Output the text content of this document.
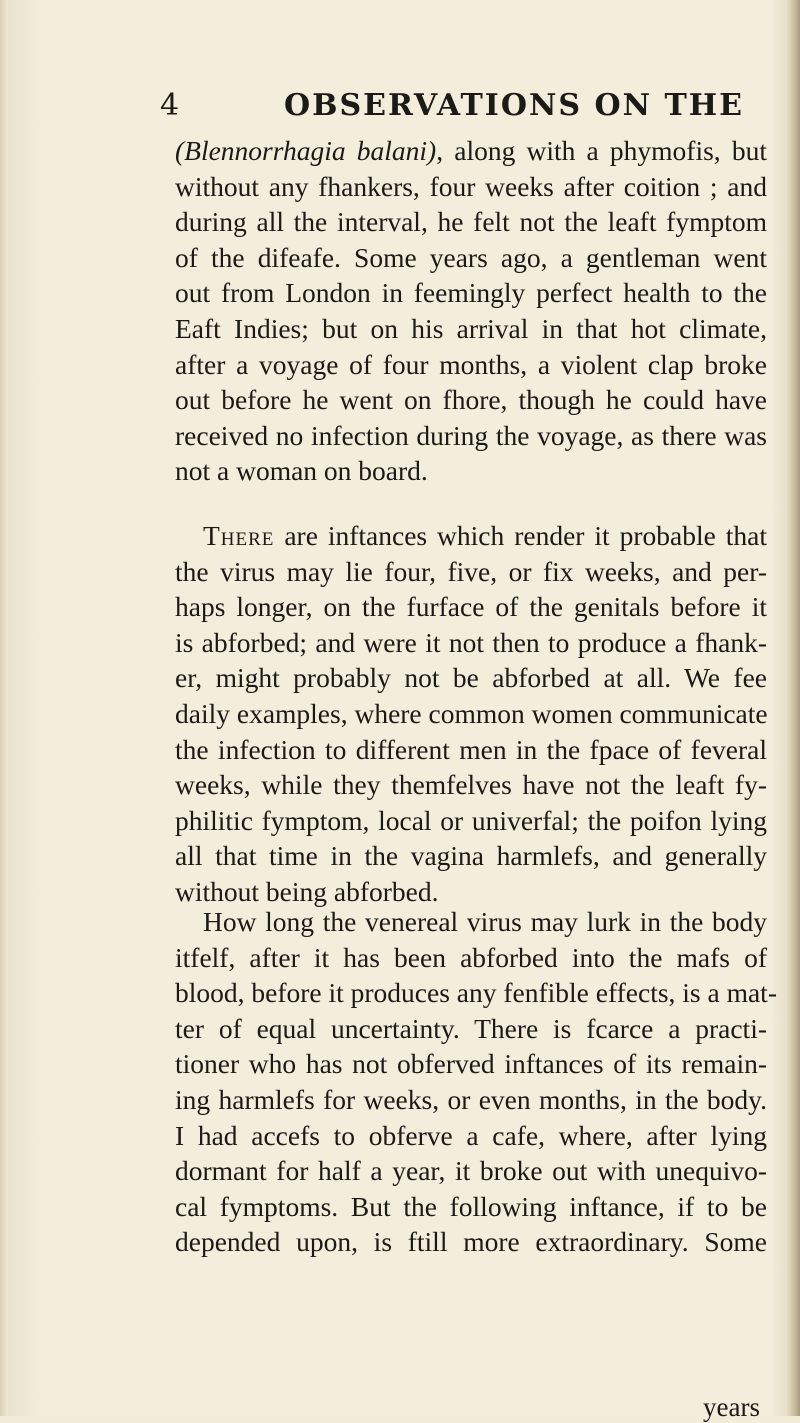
4	OBSERVATIONS ON THE
(Blennorrhagia balani), along with a phymofis, but
without any fhankers, four weeks after coition ; and
during all the interval, he felt not the leaft fymptom
of the difeafe. Some years ago, a gentleman went
out from London in feemingly perfect health to the
Eaft Indies; but on his arrival in that hot climate,
after a voyage of four months, a violent clap broke
out before he went on fhore, though he could have
received no infection during the voyage, as there was
not a woman on board.
There are inftances which render it probable that
the virus may lie four, five, or fix weeks, and per-
haps longer, on the furface of the genitals before it
is abforbed; and were it not then to produce a fhank-
er, might probably not be abforbed at all. We fee
daily examples, where common women communicate
the infection to different men in the fpace of feveral
weeks, while they themfelves have not the leaft fy-
philitic fymptom, local or univerfal; the poifon lying
all that time in the vagina harmlefs, and generally
without being abforbed.
How long the venereal virus may lurk in the body
itfelf, after it has been abforbed into the mafs of
blood, before it produces any fenfible effects, is a mat-
ter of equal uncertainty. There is fcarce a practi-
tioner who has not obferved inftances of its remain-
ing harmlefs for weeks, or even months, in the body.
I had accefs to obferve a cafe, where, after lying
dormant for half a year, it broke out with unequivo-
cal fymptoms. But the following inftance, if to be
depended upon, is ftill more extraordinary. Some
years
